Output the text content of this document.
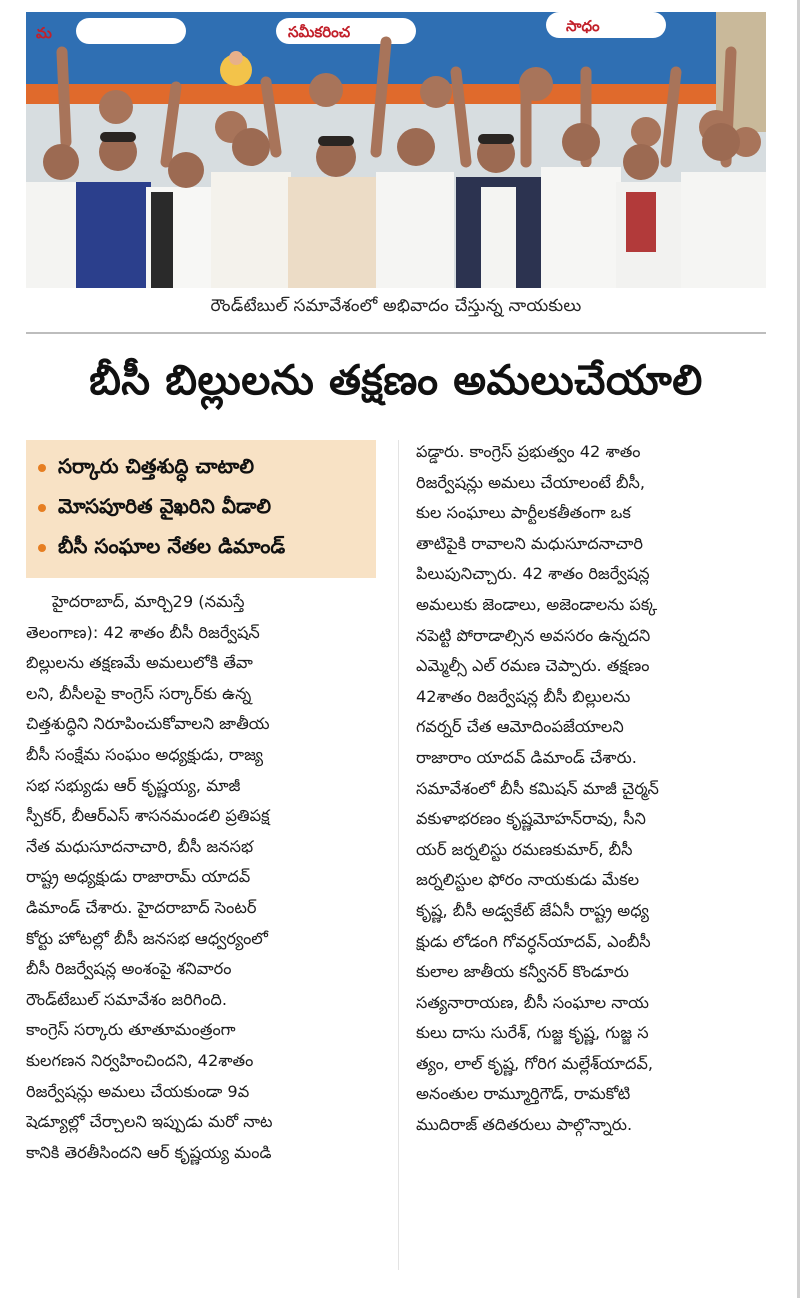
మ	సమీకరించ	సాధం
రౌండ్‌టేబుల్ సమావేశంలో అభివాదం చేస్తున్న నాయకులు
బీసీ బిల్లులను తక్షణం అమలుచేయాలి
సర్కారు చిత్తశుద్ధి చాటాలి
మోసపూరిత వైఖరిని వీడాలి
బీసీ సంఘాల నేతల డిమాండ్
హైదరాబాద్, మార్చి29 (నమస్తే
తెలంగాణ): 42 శాతం బీసీ రిజర్వేషన్
బిల్లులను తక్షణమే అమలులోకి తేవా
లని, బీసీలపై కాంగ్రెస్ సర్కార్‌కు ఉన్న
చిత్తశుద్ధిని నిరూపించుకోవాలని జాతీయ
బీసీ సంక్షేమ సంఘం అధ్యక్షుడు, రాజ్య
సభ సభ్యుడు ఆర్ కృష్ణయ్య, మాజీ
స్పీకర్, బీఆర్ఎస్ శాసనమండలి ప్రతిపక్ష
నేత మధుసూదనాచారి, బీసీ జనసభ
రాష్ట్ర అధ్యక్షుడు రాజారామ్ యాదవ్
డిమాండ్ చేశారు. హైదరాబాద్ సెంటర్
కోర్టు హోటల్లో బీసీ జనసభ ఆధ్వర్యంలో
బీసీ రిజర్వేషన్ల అంశంపై శనివారం
రౌండ్‌టేబుల్ సమావేశం జరిగింది.
కాంగ్రెస్ సర్కారు తూతూమంత్రంగా
కులగణన నిర్వహించిందని, 42శాతం
రిజర్వేషన్లు అమలు చేయకుండా 9వ
షెడ్యూల్లో చేర్చాలని ఇప్పుడు మరో నాట
కానికి తెరతీసిందని ఆర్ కృష్ణయ్య మండి
పడ్డారు. కాంగ్రెస్ ప్రభుత్వం 42 శాతం
రిజర్వేషన్లు అమలు చేయాలంటే బీసీ,
కుల సంఘాలు పార్టీలకతీతంగా ఒక
తాటిపైకి రావాలని మధుసూదనాచారి
పిలుపునిచ్చారు. 42 శాతం రిజర్వేషన్ల
అమలుకు జెండాలు, అజెండాలను పక్క
నపెట్టి పోరాడాల్సిన అవసరం ఉన్నదని
ఎమ్మెల్సీ ఎల్ రమణ చెప్పారు. తక్షణం
42శాతం రిజర్వేషన్ల బీసీ బిల్లులను
గవర్నర్ చేత ఆమోదింపజేయాలని
రాజారాం యాదవ్ డిమాండ్ చేశారు.
సమావేశంలో బీసీ కమిషన్ మాజీ చైర్మన్
వకుళాభరణం కృష్ణమోహన్‌రావు, సీని
యర్ జర్నలిస్టు రమణకుమార్, బీసీ
జర్నలిస్టుల ఫోరం నాయకుడు మేకల
కృష్ణ, బీసీ అడ్వకేట్ జేఏసీ రాష్ట్ర అధ్య
క్షుడు లోడంగి గోవర్ధన్‌యాదవ్, ఎంబీసీ
కులాల జాతీయ కన్వీనర్ కొండూరు
సత్యనారాయణ, బీసీ సంఘాల నాయ
కులు దాసు సురేశ్, గుజ్జ కృష్ణ, గుజ్జ స
త్యం, లాల్ కృష్ణ, గోరిగ మల్లేశ్‌యాదవ్,
అనంతుల రామ్మూర్తిగౌడ్, రామకోటి
ముదిరాజ్ తదితరులు పాల్గొన్నారు.
